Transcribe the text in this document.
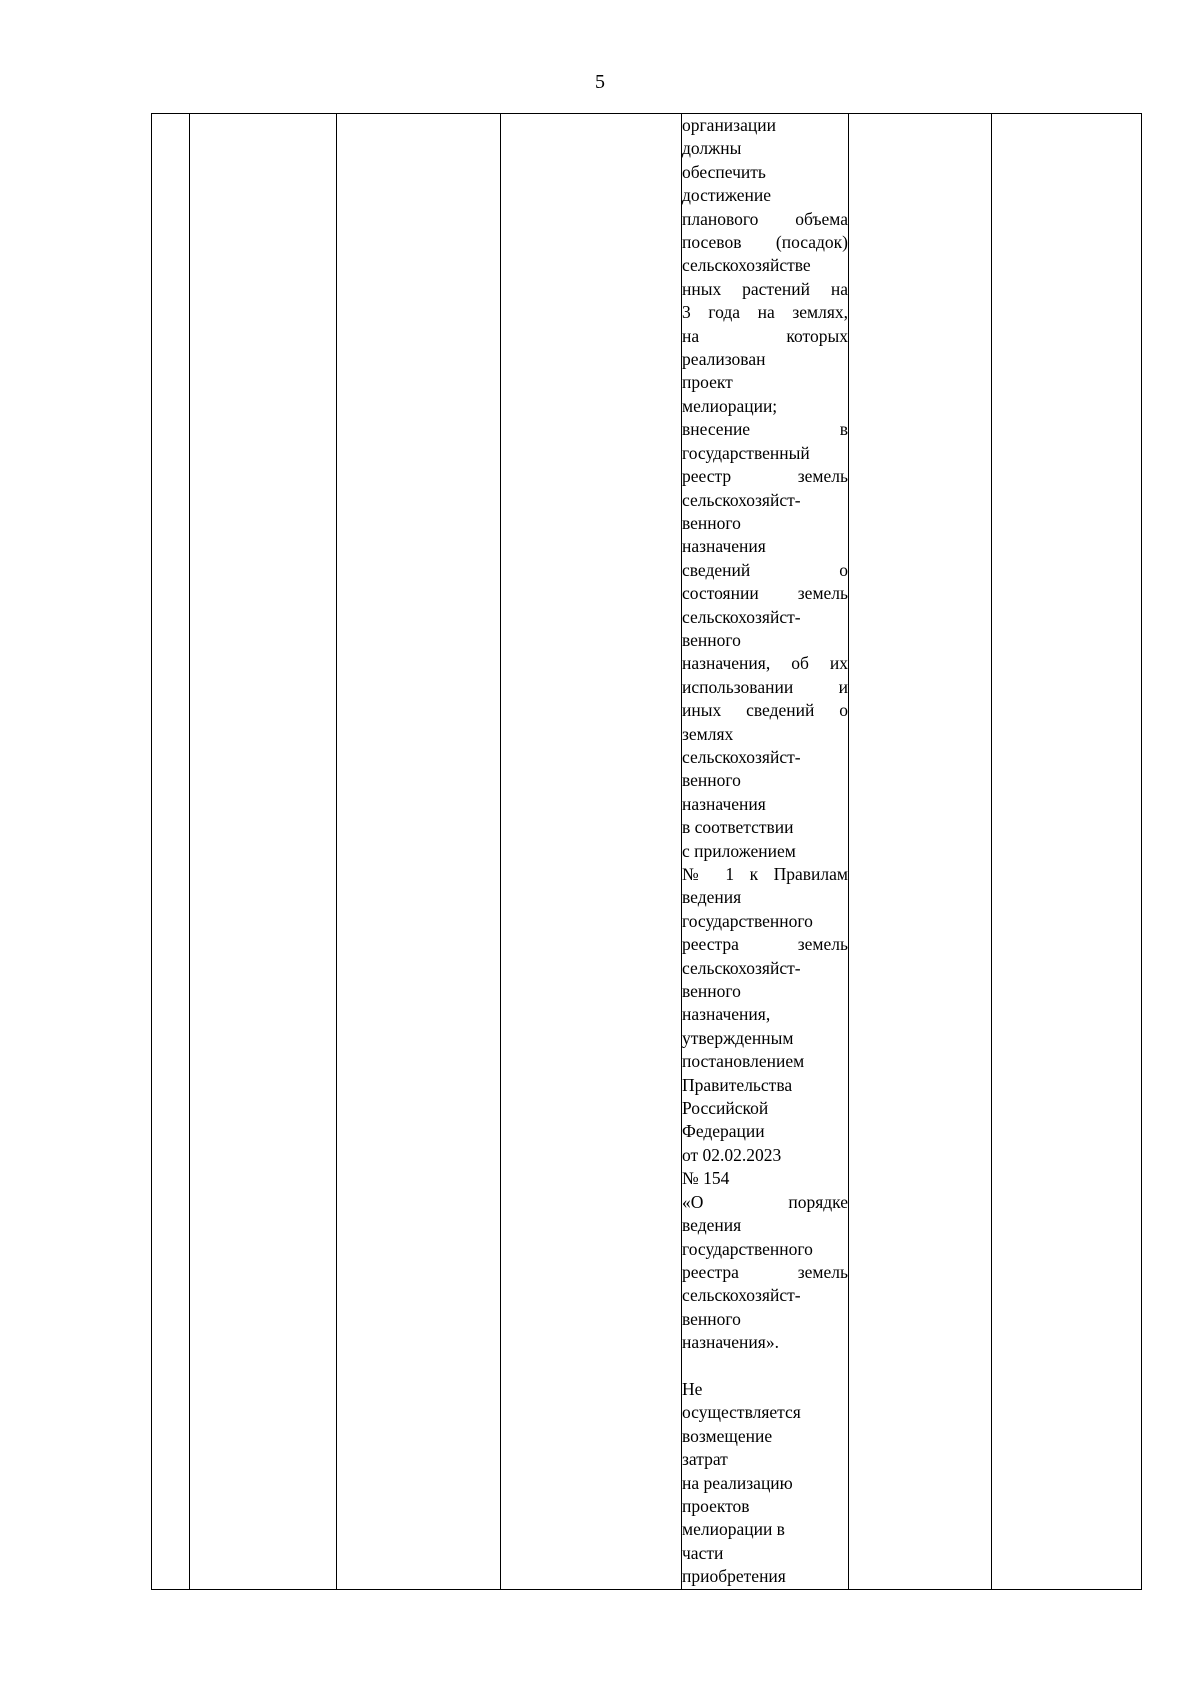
5

организации
должны
обеспечить
достижение
планового объема
посевов (посадок)
сельскохозяйстве
нных растений на
3 года на землях,
на которых
реализован
проект
мелиорации;
внесение в
государственный
реестр земель
сельскохозяйст-
венного
назначения
сведений о
состоянии земель
сельскохозяйст-
венного
назначения, об их
использовании и
иных сведений о
землях
сельскохозяйст-
венного
назначения
в соответствии
с приложением
№ 1 к Правилам
ведения
государственного
реестра земель
сельскохозяйст-
венного
назначения,
утвержденным
постановлением
Правительства
Российской
Федерации
от 02.02.2023
№ 154
«О порядке
ведения
государственного
реестра земель
сельскохозяйст-
венного
назначения».
Не
осуществляется
возмещение
затрат
на реализацию
проектов
мелиорации в
части
приобретения
